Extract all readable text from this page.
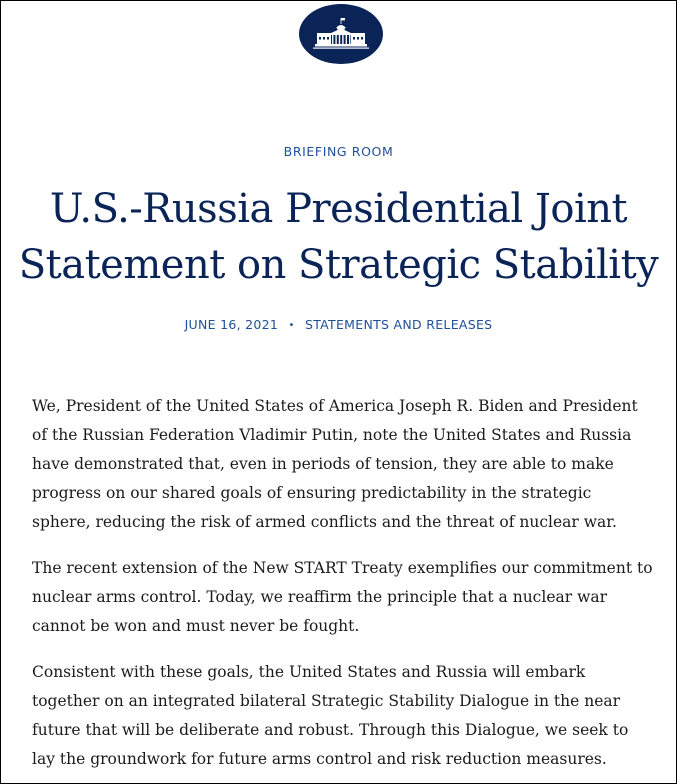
BRIEFING ROOM
U.S.-Russia Presidential Joint Statement on Strategic Stability
JUNE 16, 2021 • STATEMENTS AND RELEASES

We, President of the United States of America Joseph R. Biden and President of the Russian Federation Vladimir Putin, note the United States and Russia have demonstrated that, even in periods of tension, they are able to make progress on our shared goals of ensuring predictability in the strategic sphere, reducing the risk of armed conflicts and the threat of nuclear war.

The recent extension of the New START Treaty exemplifies our commitment to nuclear arms control. Today, we reaffirm the principle that a nuclear war cannot be won and must never be fought.

Consistent with these goals, the United States and Russia will embark together on an integrated bilateral Strategic Stability Dialogue in the near future that will be deliberate and robust. Through this Dialogue, we seek to lay the groundwork for future arms control and risk reduction measures.
